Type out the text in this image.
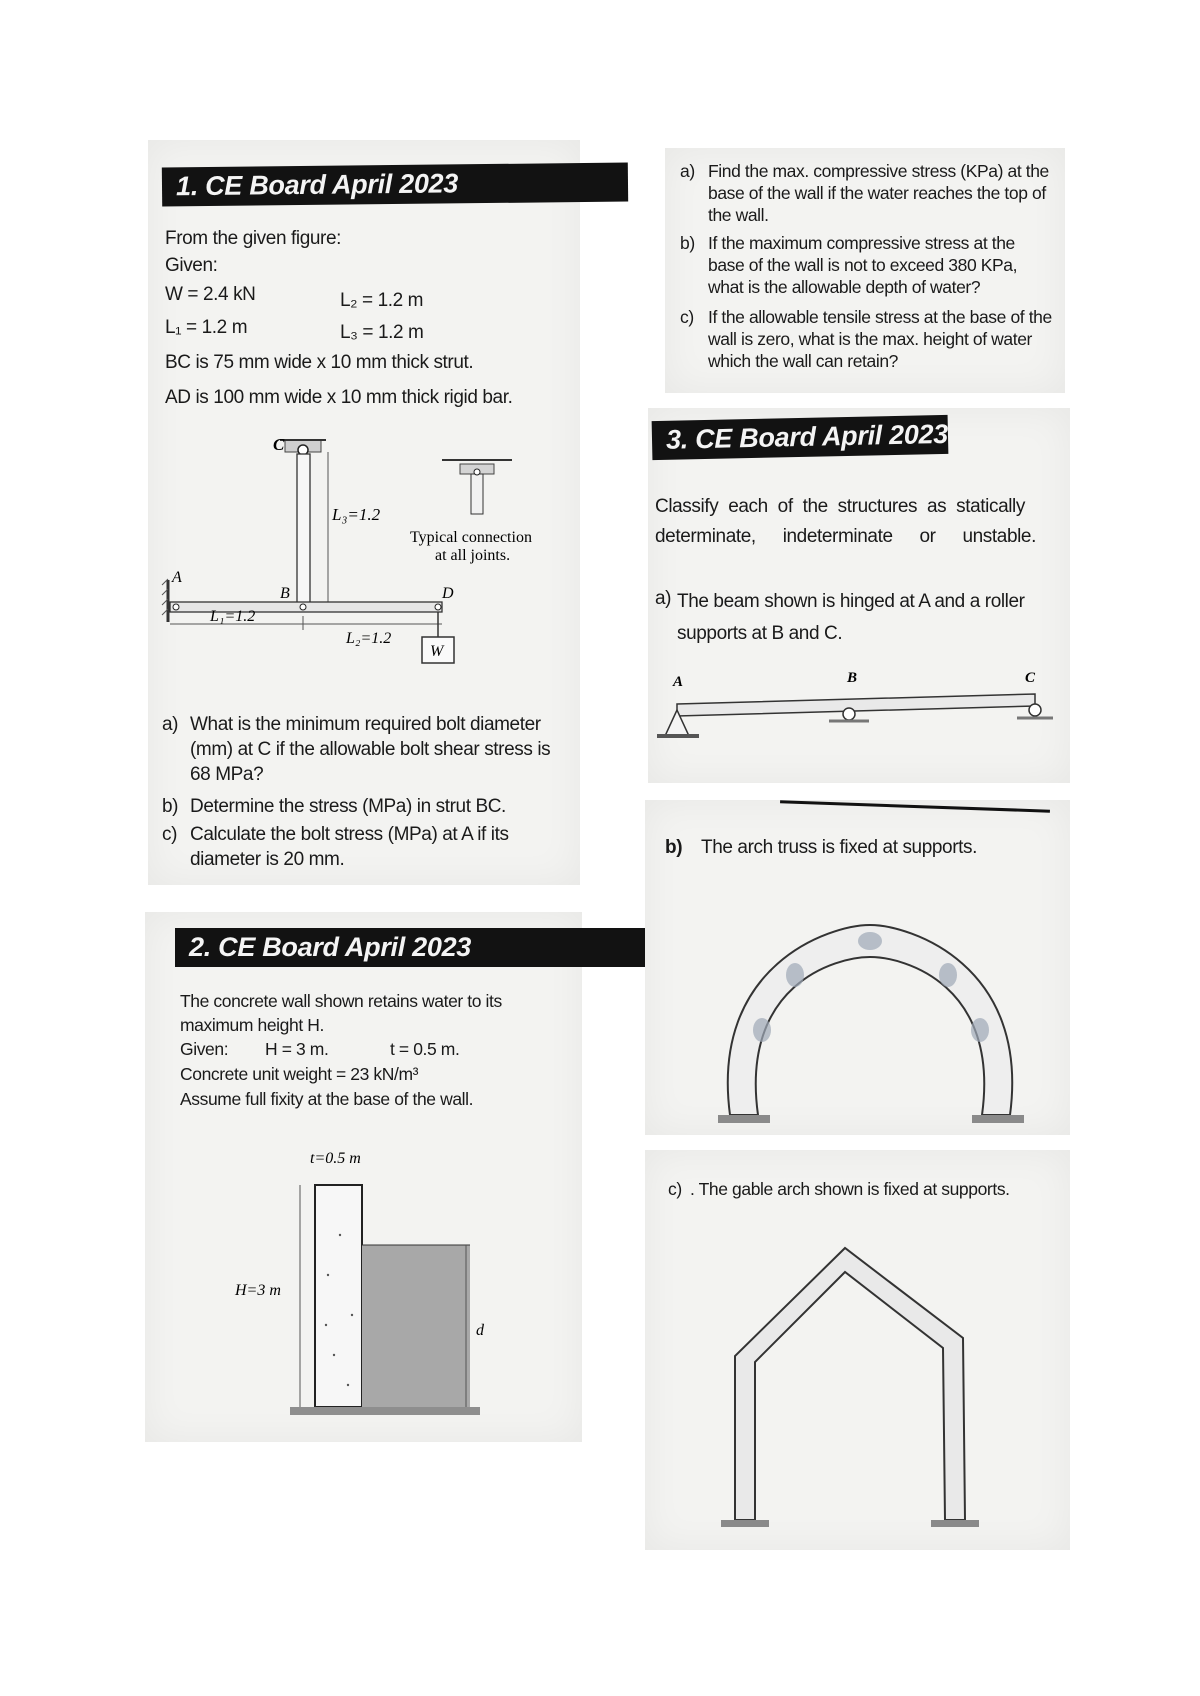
1. CE Board April 2023
From the given figure:
Given:
W = 2.4 kN	L₂ = 1.2 m
L₁ = 1.2 m	L₃ = 1.2 m
BC is 75 mm wide x 10 mm thick strut.
AD is 100 mm wide x 10 mm thick rigid bar.
L₃=1.2
C
A
B	D
L₁=1.2
L₂=1.2
W
Typical connection
at all joints.
a) What is the minimum required bolt diameter (mm) at C if the allowable bolt shear stress is 68 MPa?
b) Determine the stress (MPa) in strut BC.
c) Calculate the bolt stress (MPa) at A if its diameter is 20 mm.
2. CE Board April 2023
The concrete wall shown retains water to its
maximum height H.
Given: H = 3 m.	t = 0.5 m.
Concrete unit weight = 23 kN/m³
Assume full fixity at the base of the wall.
t=0.5 m
d
H=3 m
a) Find the max. compressive stress (KPa) at the base of the wall if the water reaches the top of the wall.
b) If the maximum compressive stress at the base of the wall is not to exceed 380 KPa, what is the allowable depth of water?
c) If the allowable tensile stress at the base of the wall is zero, what is the max. height of water which the wall can retain?
3. CE Board April 2023
Classify each of the structures as statically
determinate, indeterminate or unstable.
a) The beam shown is hinged at A and a roller supports at B and C.
A	B	C
b) The arch truss is fixed at supports.
c) . The gable arch shown is fixed at supports.
